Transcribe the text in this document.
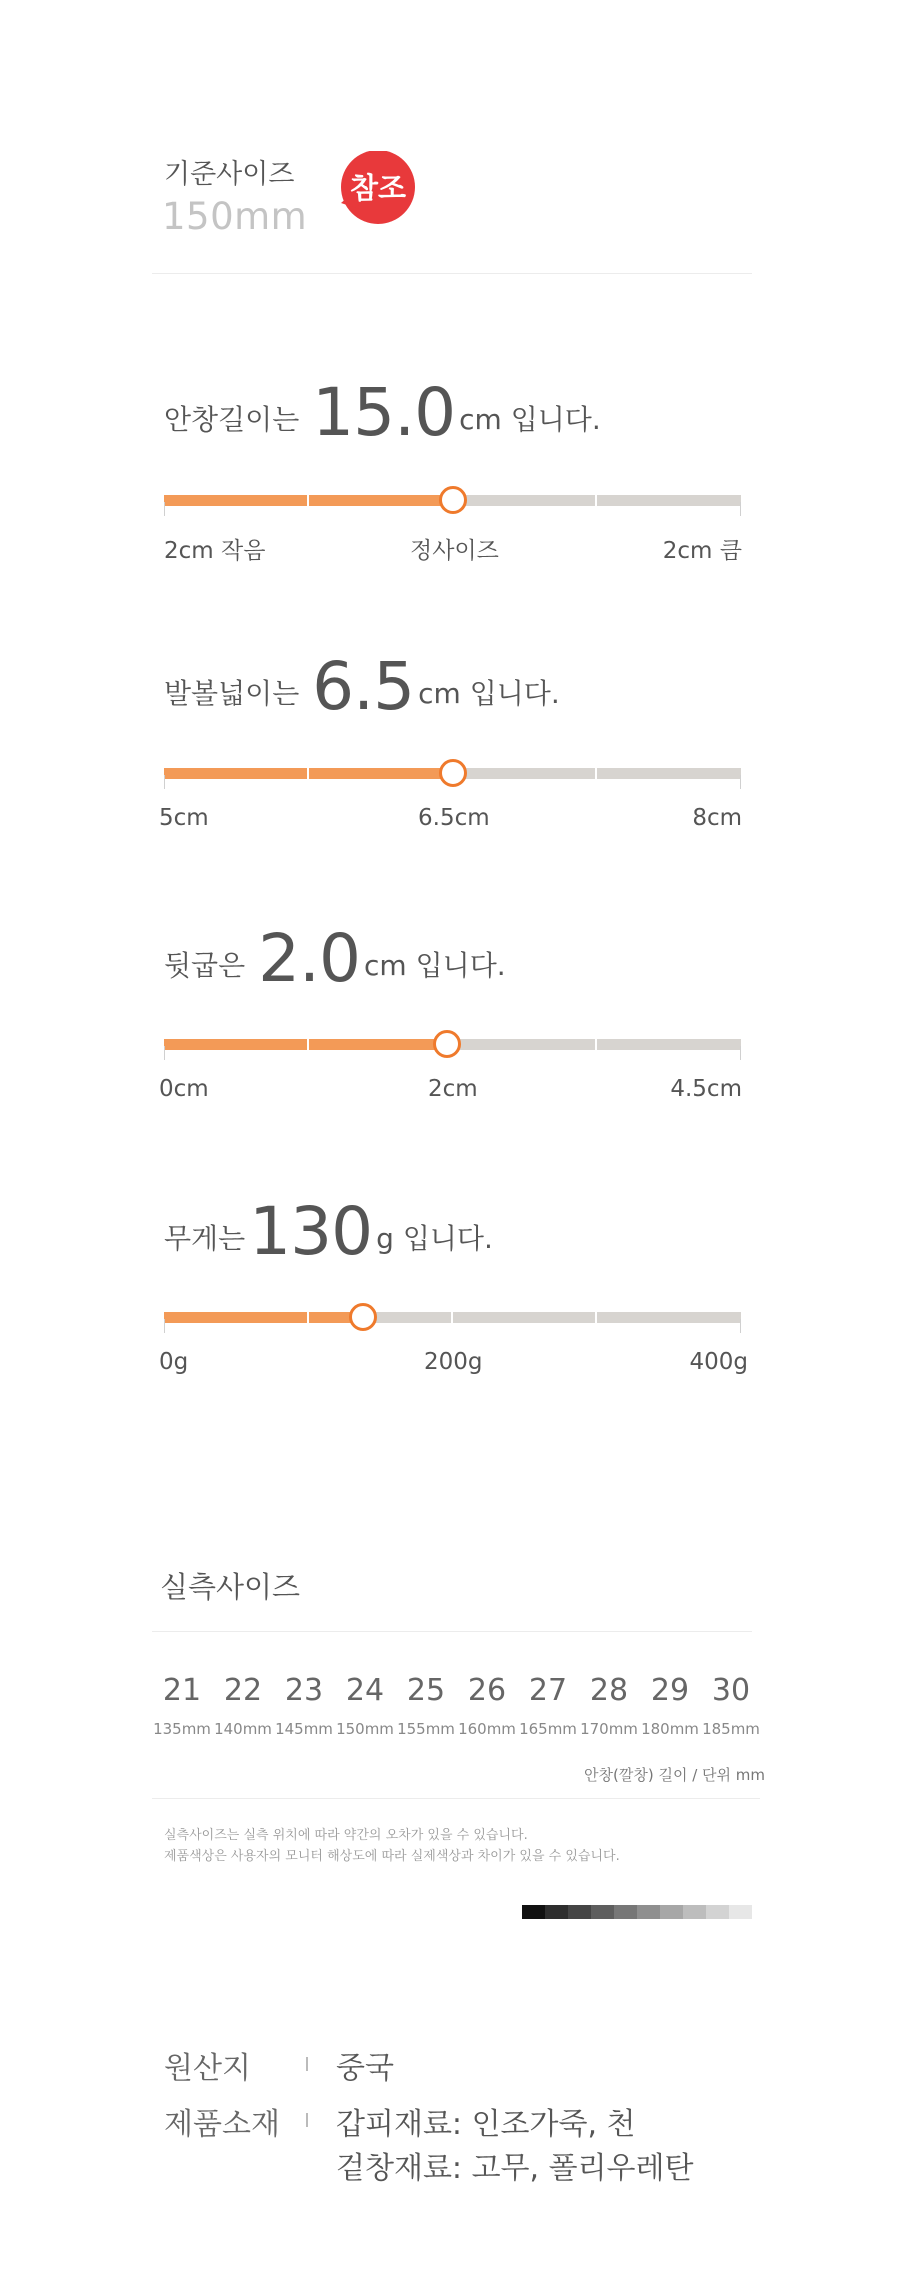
기준사이즈
150mm
참조
안창길이는 15.0 cm 입니다.
2cm 작음	정사이즈	2cm 큼
발볼넓이는 6.5 cm 입니다.
5cm	6.5cm	8cm
뒷굽은 2.0 cm 입니다.
0cm	2cm	4.5cm
무게는130 g 입니다.
0g	200g	400g
실측사이즈
21
135mm
22
140mm
23
145mm
24
150mm
25
155mm
26
160mm
27
165mm
28
170mm
29
180mm
30
185mm
안창(깔창) 길이 / 단위 mm
실측사이즈는 실측 위치에 따라 약간의 오차가 있을 수 있습니다.
제품색상은 사용자의 모니터 해상도에 따라 실제색상과 차이가 있을 수 있습니다.
원산지	중국
제품소재 갑피재료: 인조가죽, 천
겉창재료: 고무, 폴리우레탄
